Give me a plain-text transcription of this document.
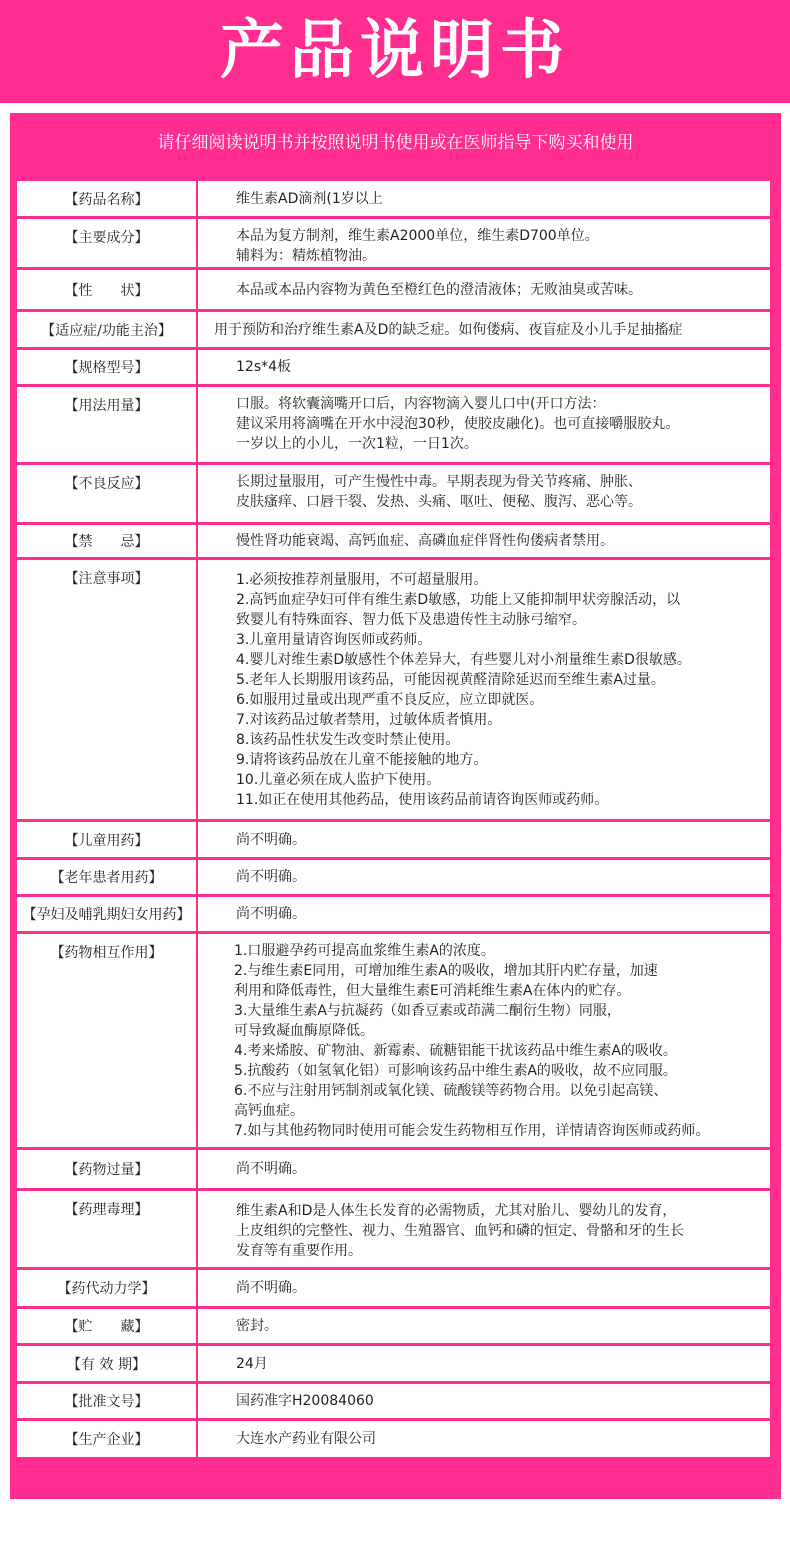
产品说明书
请仔细阅读说明书并按照说明书使用或在医师指导下购买和使用
【药品名称】	维生素AD滴剂(1岁以上
【主要成分】	本品为复方制剂，维生素A2000单位，维生素D700单位。
辅料为：精炼植物油。
【性　　状】	本品或本品内容物为黄色至橙红色的澄清液体；无败油臭或苦味。
【适应症/功能主治】	用于预防和治疗维生素A及D的缺乏症。如佝偻病、夜盲症及小儿手足抽搐症
【规格型号】	12s*4板
【用法用量】	口服。将软囊滴嘴开口后，内容物滴入婴儿口中(开口方法：
建议采用将滴嘴在开水中浸泡30秒，使胶皮融化)。也可直接嚼服胶丸。
一岁以上的小儿，一次1粒，一日1次。
【不良反应】	长期过量服用，可产生慢性中毒。早期表现为骨关节疼痛、肿胀、
皮肤瘙痒、口唇干裂、发热、头痛、呕吐、便秘、腹泻、恶心等。
【禁　　忌】	慢性肾功能衰竭、高钙血症、高磷血症伴肾性佝偻病者禁用。
【注意事项】	1.必须按推荐剂量服用，不可超量服用。
2.高钙血症孕妇可伴有维生素D敏感，功能上又能抑制甲状旁腺活动，以
致婴儿有特殊面容、智力低下及患遗传性主动脉弓缩窄。
3.儿童用量请咨询医师或药师。
4.婴儿对维生素D敏感性个体差异大，有些婴儿对小剂量维生素D很敏感。
5.老年人长期服用该药品，可能因视黄醛清除延迟而至维生素A过量。
6.如服用过量或出现严重不良反应，应立即就医。
7.对该药品过敏者禁用，过敏体质者慎用。
8.该药品性状发生改变时禁止使用。
9.请将该药品放在儿童不能接触的地方。
10.儿童必须在成人监护下使用。
11.如正在使用其他药品，使用该药品前请咨询医师或药师。
【儿童用药】	尚不明确。
【老年患者用药】	尚不明确。
【孕妇及哺乳期妇女用药】	尚不明确。
【药物相互作用】	1.口服避孕药可提高血浆维生素A的浓度。
2.与维生素E同用，可增加维生素A的吸收，增加其肝内贮存量，加速
利用和降低毒性，但大量维生素E可消耗维生素A在体内的贮存。
3.大量维生素A与抗凝药（如香豆素或茚满二酮衍生物）同服，
可导致凝血酶原降低。
4.考来烯胺、矿物油、新霉素、硫糖铝能干扰该药品中维生素A的吸收。
5.抗酸药（如氢氧化铝）可影响该药品中维生素A的吸收，故不应同服。
6.不应与注射用钙制剂或氧化镁、硫酸镁等药物合用。以免引起高镁、
高钙血症。
7.如与其他药物同时使用可能会发生药物相互作用，详情请咨询医师或药师。
【药物过量】	尚不明确。
【药理毒理】	维生素A和D是人体生长发育的必需物质，尤其对胎儿、婴幼儿的发育，
上皮组织的完整性、视力、生殖器官、血钙和磷的恒定、骨骼和牙的生长
发育等有重要作用。
【药代动力学】	尚不明确。
【贮　　藏】	密封。
【有 效 期】	24月
【批准文号】	国药准字H20084060
【生产企业】	大连水产药业有限公司
